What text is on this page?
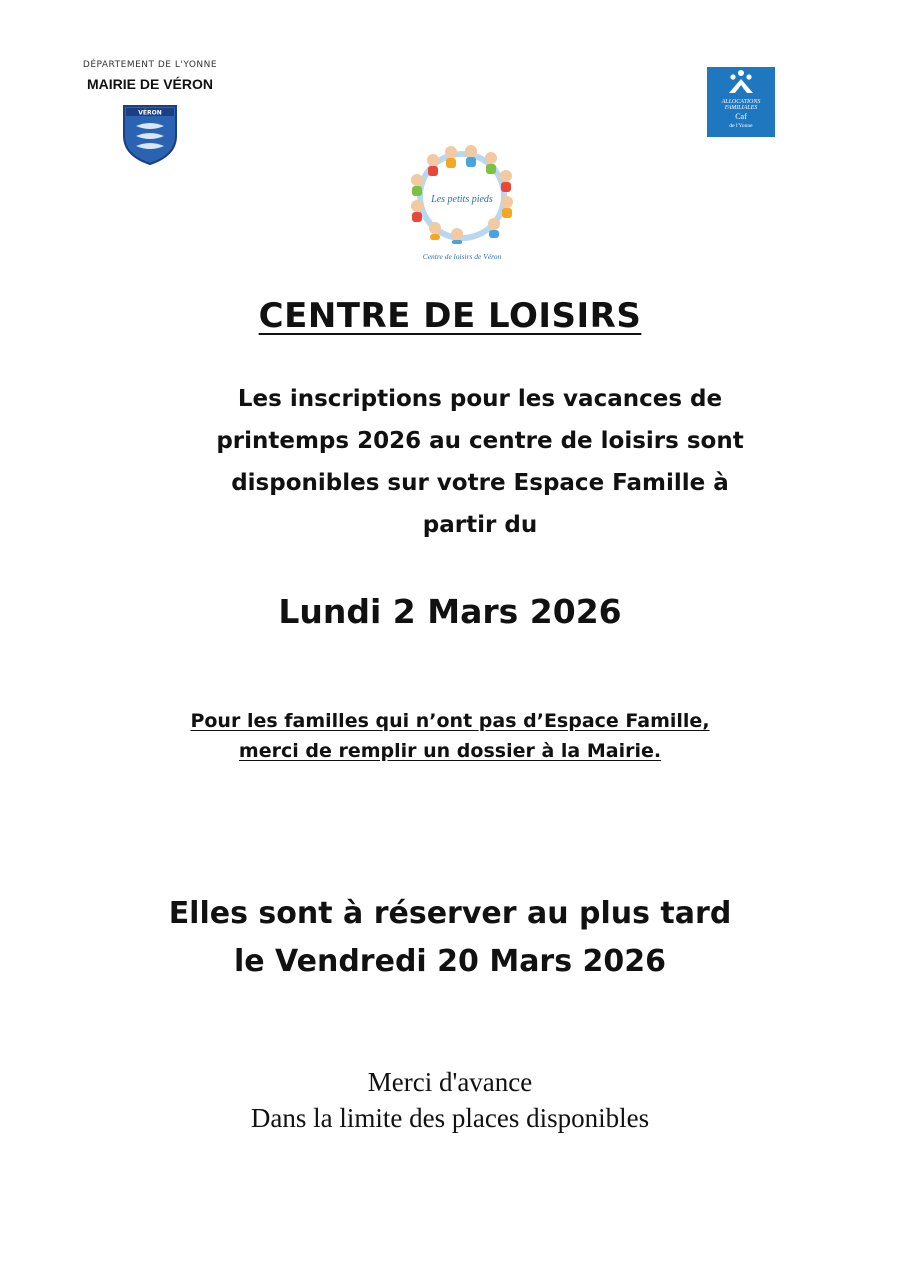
DÉPARTEMENT DE L'YONNE
MAIRIE DE VÉRON
VÉRON
ALLOCATIONS
FAMILIALES
Caf
de l'Yonne
Les petits pieds
Centre de loisirs de Véron
CENTRE DE LOISIRS
Les inscriptions pour les vacances de
printemps 2026 au centre de loisirs sont
disponibles sur votre Espace Famille à
partir du
Lundi 2 Mars 2026
Pour les familles qui n’ont pas d’Espace Famille,
merci de remplir un dossier à la Mairie.
Elles sont à réserver au plus tard
le Vendredi 20 Mars 2026
Merci d'avance
Dans la limite des places disponibles
